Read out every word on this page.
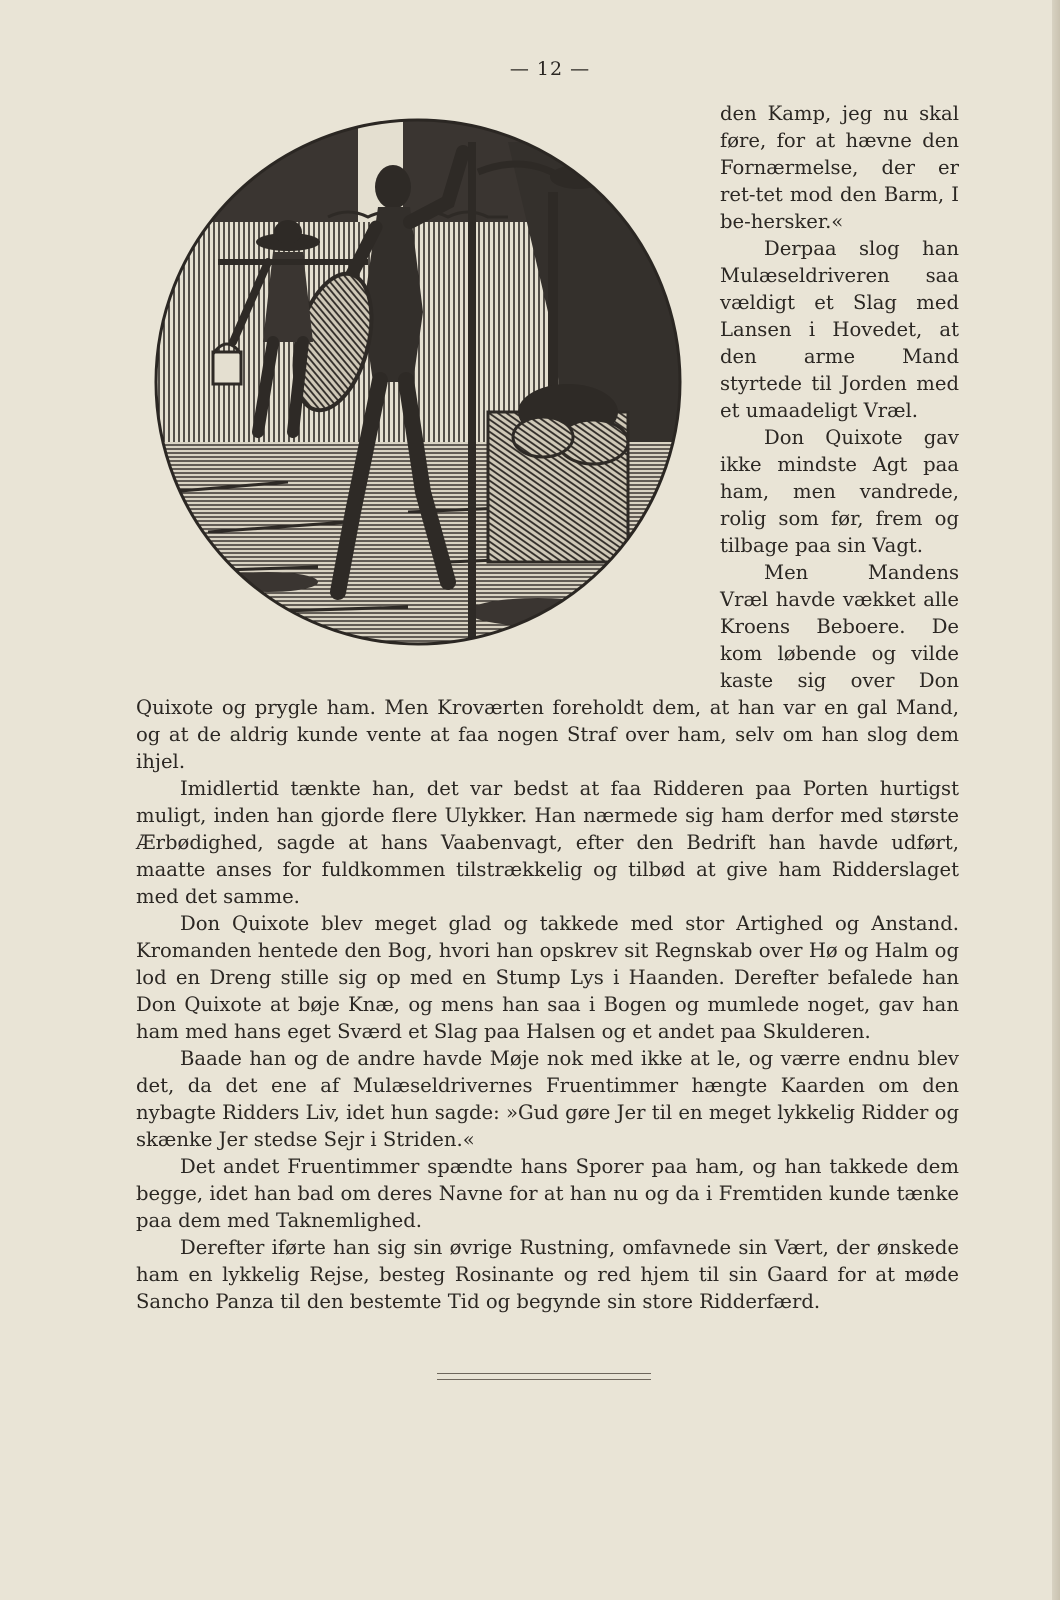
— 12 —

den Kamp, jeg nu skal føre, for at hævne den Fornærmelse, der er ret-tet mod den Barm, I be-hersker.«

Derpaa slog han Mulæseldriveren saa vældigt et Slag med Lansen i Hovedet, at den arme Mand styrtede til Jorden med et umaadeligt Vræl.

Don Quixote gav ikke mindste Agt paa ham, men vandrede, rolig som før, frem og tilbage paa sin Vagt.

Men Mandens Vræl havde vækket alle Kroens Beboere. De kom løbende og vilde kaste sig over Don Quixote og prygle ham. Men Kroværten foreholdt dem, at han var en gal Mand, og at de aldrig kunde vente at faa nogen Straf over ham, selv om han slog dem ihjel.

Imidlertid tænkte han, det var bedst at faa Ridderen paa Porten hurtigst muligt, inden han gjorde flere Ulykker. Han nærmede sig ham derfor med største Ærbødighed, sagde at hans Vaabenvagt, efter den Bedrift han havde udført, maatte anses for fuldkommen tilstrækkelig og tilbød at give ham Ridderslaget med det samme.

Don Quixote blev meget glad og takkede med stor Artighed og Anstand. Kromanden hentede den Bog, hvori han opskrev sit Regnskab over Hø og Halm og lod en Dreng stille sig op med en Stump Lys i Haanden. Derefter befalede han Don Quixote at bøje Knæ, og mens han saa i Bogen og mumlede noget, gav han ham med hans eget Sværd et Slag paa Halsen og et andet paa Skulderen.

Baade han og de andre havde Møje nok med ikke at le, og værre endnu blev det, da det ene af Mulæseldrivernes Fruentimmer hængte Kaarden om den nybagte Ridders Liv, idet hun sagde: »Gud gøre Jer til en meget lykkelig Ridder og skænke Jer stedse Sejr i Striden.«

Det andet Fruentimmer spændte hans Sporer paa ham, og han takkede dem begge, idet han bad om deres Navne for at han nu og da i Fremtiden kunde tænke paa dem med Taknemlighed.

Derefter iførte han sig sin øvrige Rustning, omfavnede sin Vært, der ønskede ham en lykkelig Rejse, besteg Rosinante og red hjem til sin Gaard for at møde Sancho Panza til den bestemte Tid og begynde sin store Ridderfærd.
